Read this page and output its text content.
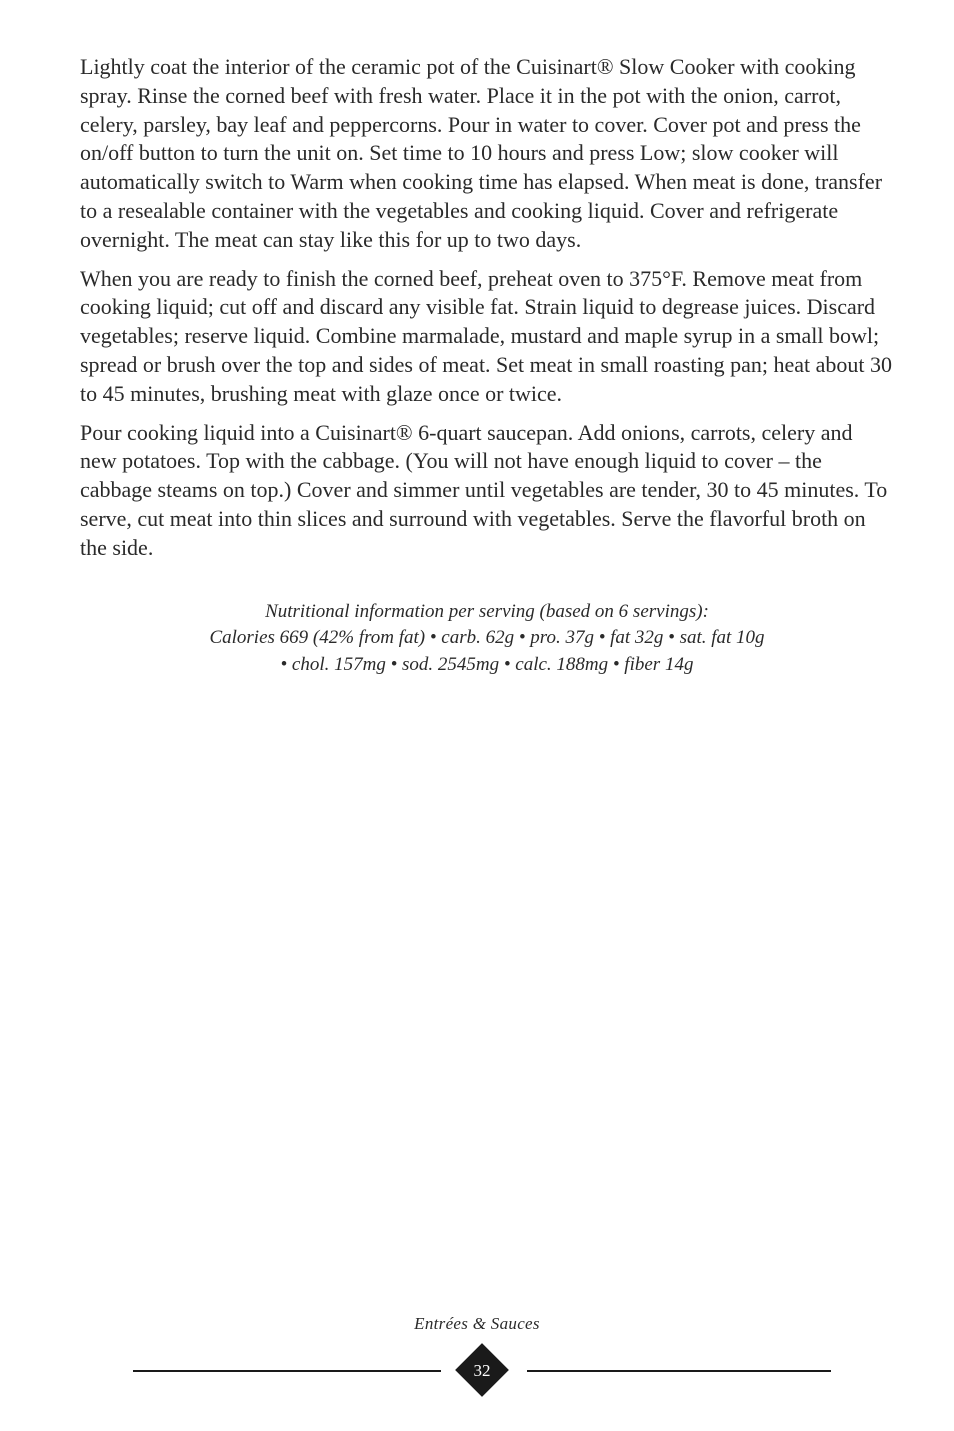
Lightly coat the interior of the ceramic pot of the Cuisinart® Slow Cooker with cooking spray. Rinse the corned beef with fresh water. Place it in the pot with the onion, carrot, celery, parsley, bay leaf and peppercorns. Pour in water to cover. Cover pot and press the on/off button to turn the unit on. Set time to 10 hours and press Low; slow cooker will automatically switch to Warm when cooking time has elapsed. When meat is done, transfer to a resealable container with the vegetables and cooking liquid. Cover and refrigerate overnight. The meat can stay like this for up to two days.

When you are ready to finish the corned beef, preheat oven to 375°F. Remove meat from cooking liquid; cut off and discard any visible fat. Strain liquid to degrease juices. Discard vegetables; reserve liquid. Combine marmalade, mustard and maple syrup in a small bowl; spread or brush over the top and sides of meat. Set meat in small roasting pan; heat about 30 to 45 minutes, brushing meat with glaze once or twice.

Pour cooking liquid into a Cuisinart® 6-quart saucepan. Add onions, carrots, celery and new potatoes. Top with the cabbage. (You will not have enough liquid to cover – the cabbage steams on top.) Cover and simmer until vegetables are tender, 30 to 45 minutes. To serve, cut meat into thin slices and surround with vegetables. Serve the flavorful broth on the side.

Nutritional information per serving (based on 6 servings):
Calories 669 (42% from fat) • carb. 62g • pro. 37g • fat 32g • sat. fat 10g
• chol. 157mg • sod. 2545mg • calc. 188mg • fiber 14g
Entrées & Sauces
32
